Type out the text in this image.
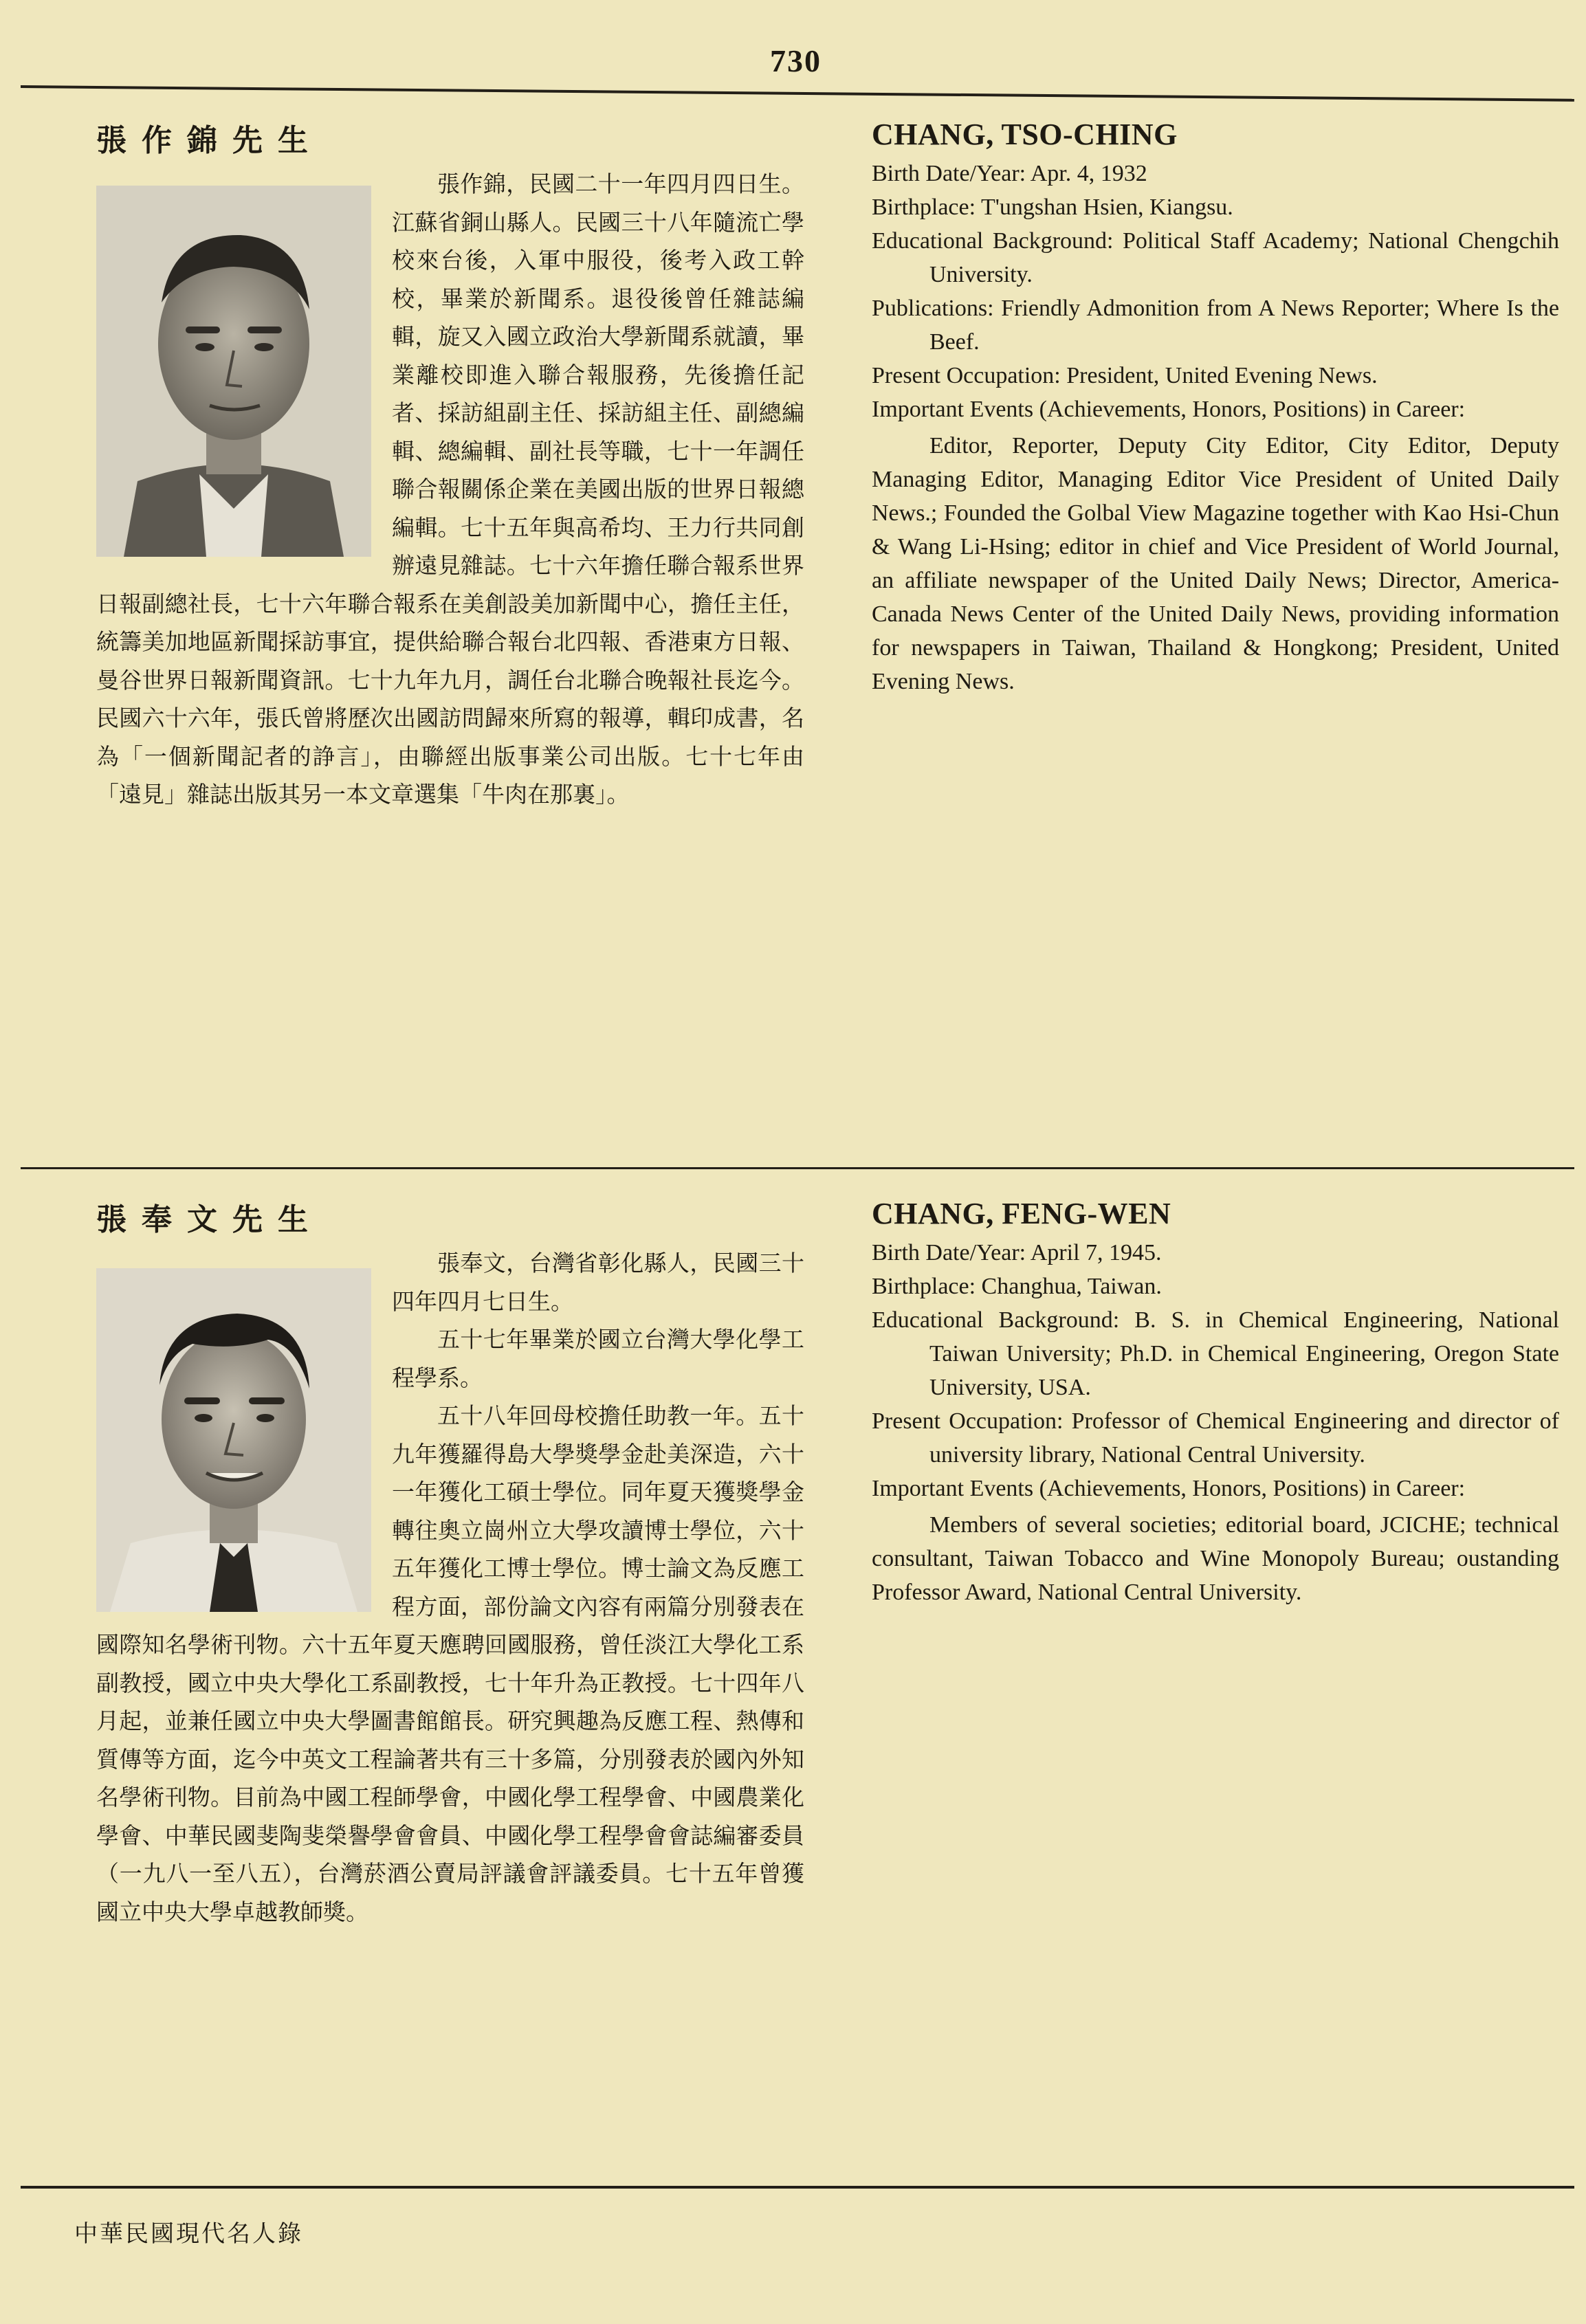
730

張作錦，民國二十一年四月四日生。江蘇省銅山縣人。民國三十八年隨流亡學校來台後，入軍中服役，後考入政工幹校，畢業於新聞系。退役後曾任雜誌編輯，旋又入國立政治大學新聞系就讀，畢業離校即進入聯合報服務，先後擔任記者、採訪組副主任、採訪組主任、副總編輯、總編輯、副社長等職，七十一年調任聯合報關係企業在美國出版的世界日報總編輯。七十五年與高希均、王力行共同創辦遠見雜誌。七十六年擔任聯合報系世界日報副總社長，七十六年聯合報系在美創設美加新聞中心，擔任主任，統籌美加地區新聞採訪事宜，提供給聯合報台北四報、香港東方日報、曼谷世界日報新聞資訊。七十九年九月，調任台北聯合晚報社長迄今。民國六十六年，張氏曾將歷次出國訪問歸來所寫的報導，輯印成書，名為「一個新聞記者的諍言」，由聯經出版事業公司出版。七十七年由「遠見」雜誌出版其另一本文章選集「牛肉在那裏」。

張作錦先生	CHANG, TSO-CHING

Birth Date/Year: Apr. 4, 1932

Birthplace: T'ungshan Hsien, Kiangsu.

Educational Background: Political Staff Academy; National Chengchih University.

Publications: Friendly Admonition from A News Reporter; Where Is the Beef.

Present Occupation: President, United Evening News.

Important Events (Achievements, Honors, Positions) in Career:

Editor, Reporter, Deputy City Editor, City Editor, Deputy Managing Editor, Managing Editor Vice President of United Daily News.; Founded the Golbal View Magazine together with Kao Hsi-Chun & Wang Li-Hsing; editor in chief and Vice President of World Journal, an affiliate newspaper of the United Daily News; Director, America-Canada News Center of the United Daily News, providing information for newspapers in Taiwan, Thailand & Hongkong; President, United Evening News.

張奉文，台灣省彰化縣人，民國三十四年四月七日生。

五十七年畢業於國立台灣大學化學工程學系。

五十八年回母校擔任助教一年。五十九年獲羅得島大學獎學金赴美深造，六十一年獲化工碩士學位。同年夏天獲獎學金轉往奧立崗州立大學攻讀博士學位，六十五年獲化工博士學位。博士論文為反應工程方面，部份論文內容有兩篇分別發表在國際知名學術刊物。六十五年夏天應聘回國服務，曾任淡江大學化工系副教授，國立中央大學化工系副教授，七十年升為正教授。七十四年八月起，並兼任國立中央大學圖書館館長。研究興趣為反應工程、熱傳和質傳等方面，迄今中英文工程論著共有三十多篇，分別發表於國內外知名學術刊物。目前為中國工程師學會，中國化學工程學會、中國農業化學會、中華民國斐陶斐榮譽學會會員、中國化學工程學會會誌編審委員（一九八一至八五），台灣菸酒公賣局評議會評議委員。七十五年曾獲國立中央大學卓越教師獎。

張奉文先生	CHANG, FENG-WEN

Birth Date/Year: April 7, 1945.

Birthplace: Changhua, Taiwan.

Educational Background: B. S. in Chemical Engineering, National Taiwan University; Ph.D. in Chemical Engineering, Oregon State University, USA.

Present Occupation: Professor of Chemical Engineering and director of university library, National Central University.

Important Events (Achievements, Honors, Positions) in Career:

Members of several societies; editorial board, JCICHE; technical consultant, Taiwan Tobacco and Wine Monopoly Bureau; oustanding Professor Award, National Central University.

中華民國現代名人錄
